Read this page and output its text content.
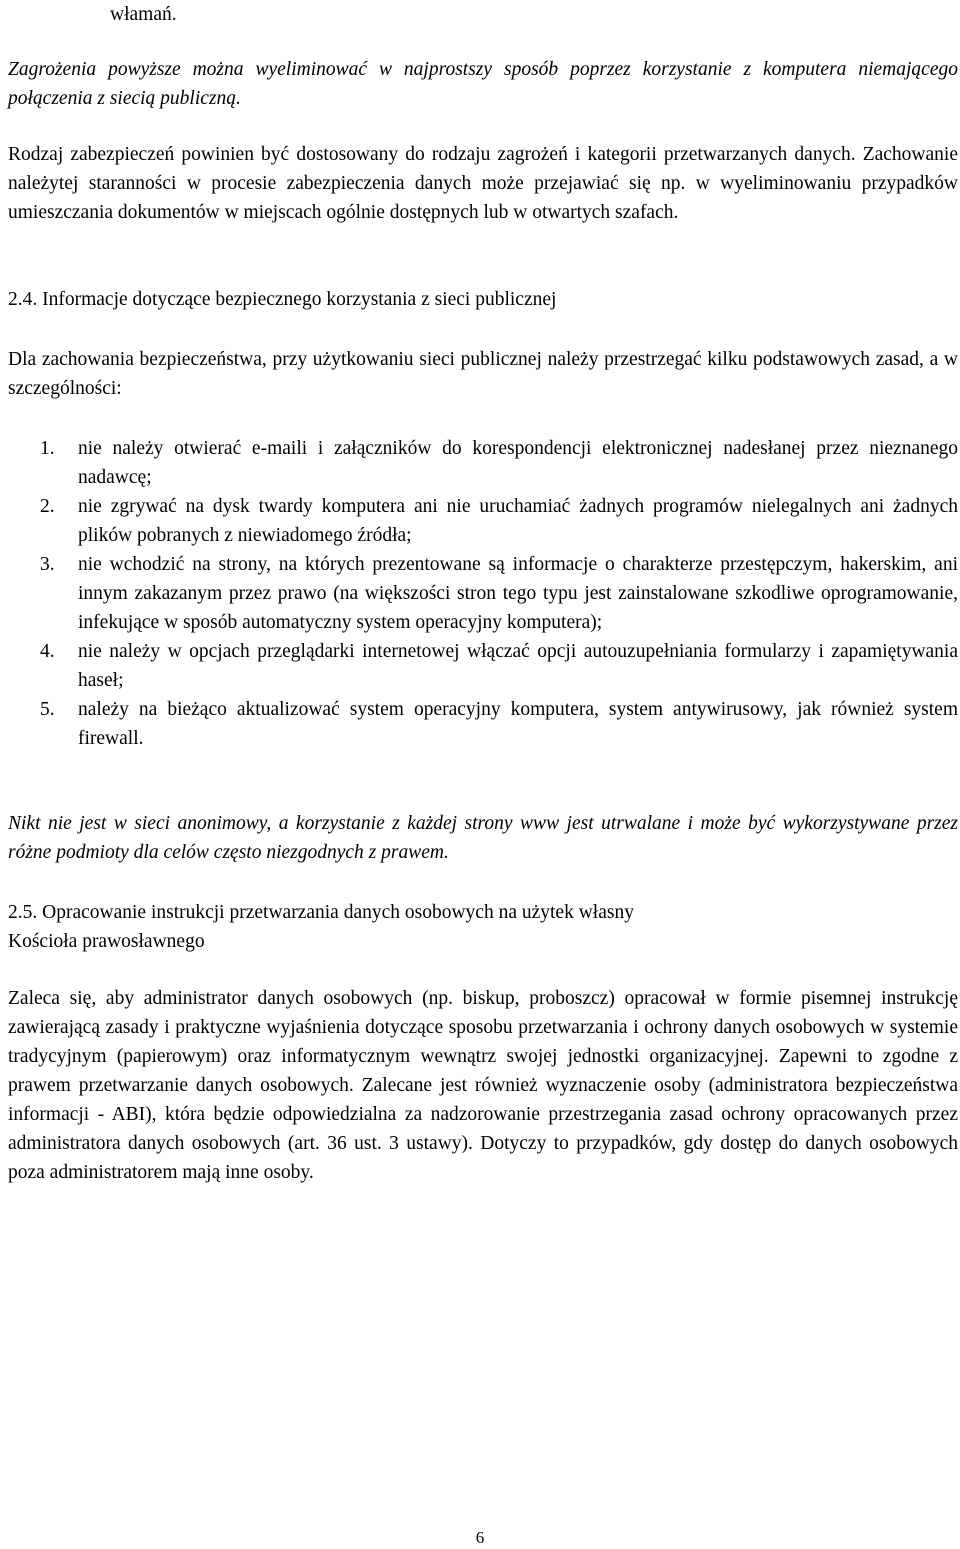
włamań.

Zagrożenia powyższe można wyeliminować w najprostszy sposób poprzez korzystanie z komputera niemającego połączenia z siecią publiczną.

Rodzaj zabezpieczeń powinien być dostosowany do rodzaju zagrożeń i kategorii przetwarzanych danych. Zachowanie należytej staranności w procesie zabezpieczenia danych może przejawiać się np. w wyeliminowaniu przypadków umieszczania dokumentów w miejscach ogólnie dostępnych lub w otwartych szafach.

2.4. Informacje dotyczące bezpiecznego korzystania z sieci publicznej

Dla zachowania bezpieczeństwa, przy użytkowaniu sieci publicznej należy przestrzegać kilku podstawowych zasad, a w szczególności:

1. nie należy otwierać e-maili i załączników do korespondencji elektronicznej nadesłanej przez nieznanego nadawcę;
2. nie zgrywać na dysk twardy komputera ani nie uruchamiać żadnych programów nielegalnych ani żadnych plików pobranych z niewiadomego źródła;
3. nie wchodzić na strony, na których prezentowane są informacje o charakterze przestępczym, hakerskim, ani innym zakazanym przez prawo (na większości stron tego typu jest zainstalowane szkodliwe oprogramowanie, infekujące w sposób automatyczny system operacyjny komputera);
4. nie należy w opcjach przeglądarki internetowej włączać opcji autouzupełniania formularzy i zapamiętywania haseł;
5. należy na bieżąco aktualizować system operacyjny komputera, system antywirusowy, jak również system firewall.

Nikt nie jest w sieci anonimowy, a korzystanie z każdej strony www jest utrwalane i może być wykorzystywane przez różne podmioty dla celów często niezgodnych z prawem.

2.5. Opracowanie instrukcji przetwarzania danych osobowych na użytek własny

Kościoła prawosławnego

Zaleca się, aby administrator danych osobowych (np. biskup, proboszcz) opracował w formie pisemnej instrukcję zawierającą zasady i praktyczne wyjaśnienia dotyczące sposobu przetwarzania i ochrony danych osobowych w systemie tradycyjnym (papierowym) oraz informatycznym wewnątrz swojej jednostki organizacyjnej. Zapewni to zgodne z prawem przetwarzanie danych osobowych. Zalecane jest również wyznaczenie osoby (administratora bezpieczeństwa informacji - ABI), która będzie odpowiedzialna za nadzorowanie przestrzegania zasad ochrony opracowanych przez administratora danych osobowych (art. 36 ust. 3 ustawy). Dotyczy to przypadków, gdy dostęp do danych osobowych poza administratorem mają inne osoby.

6
